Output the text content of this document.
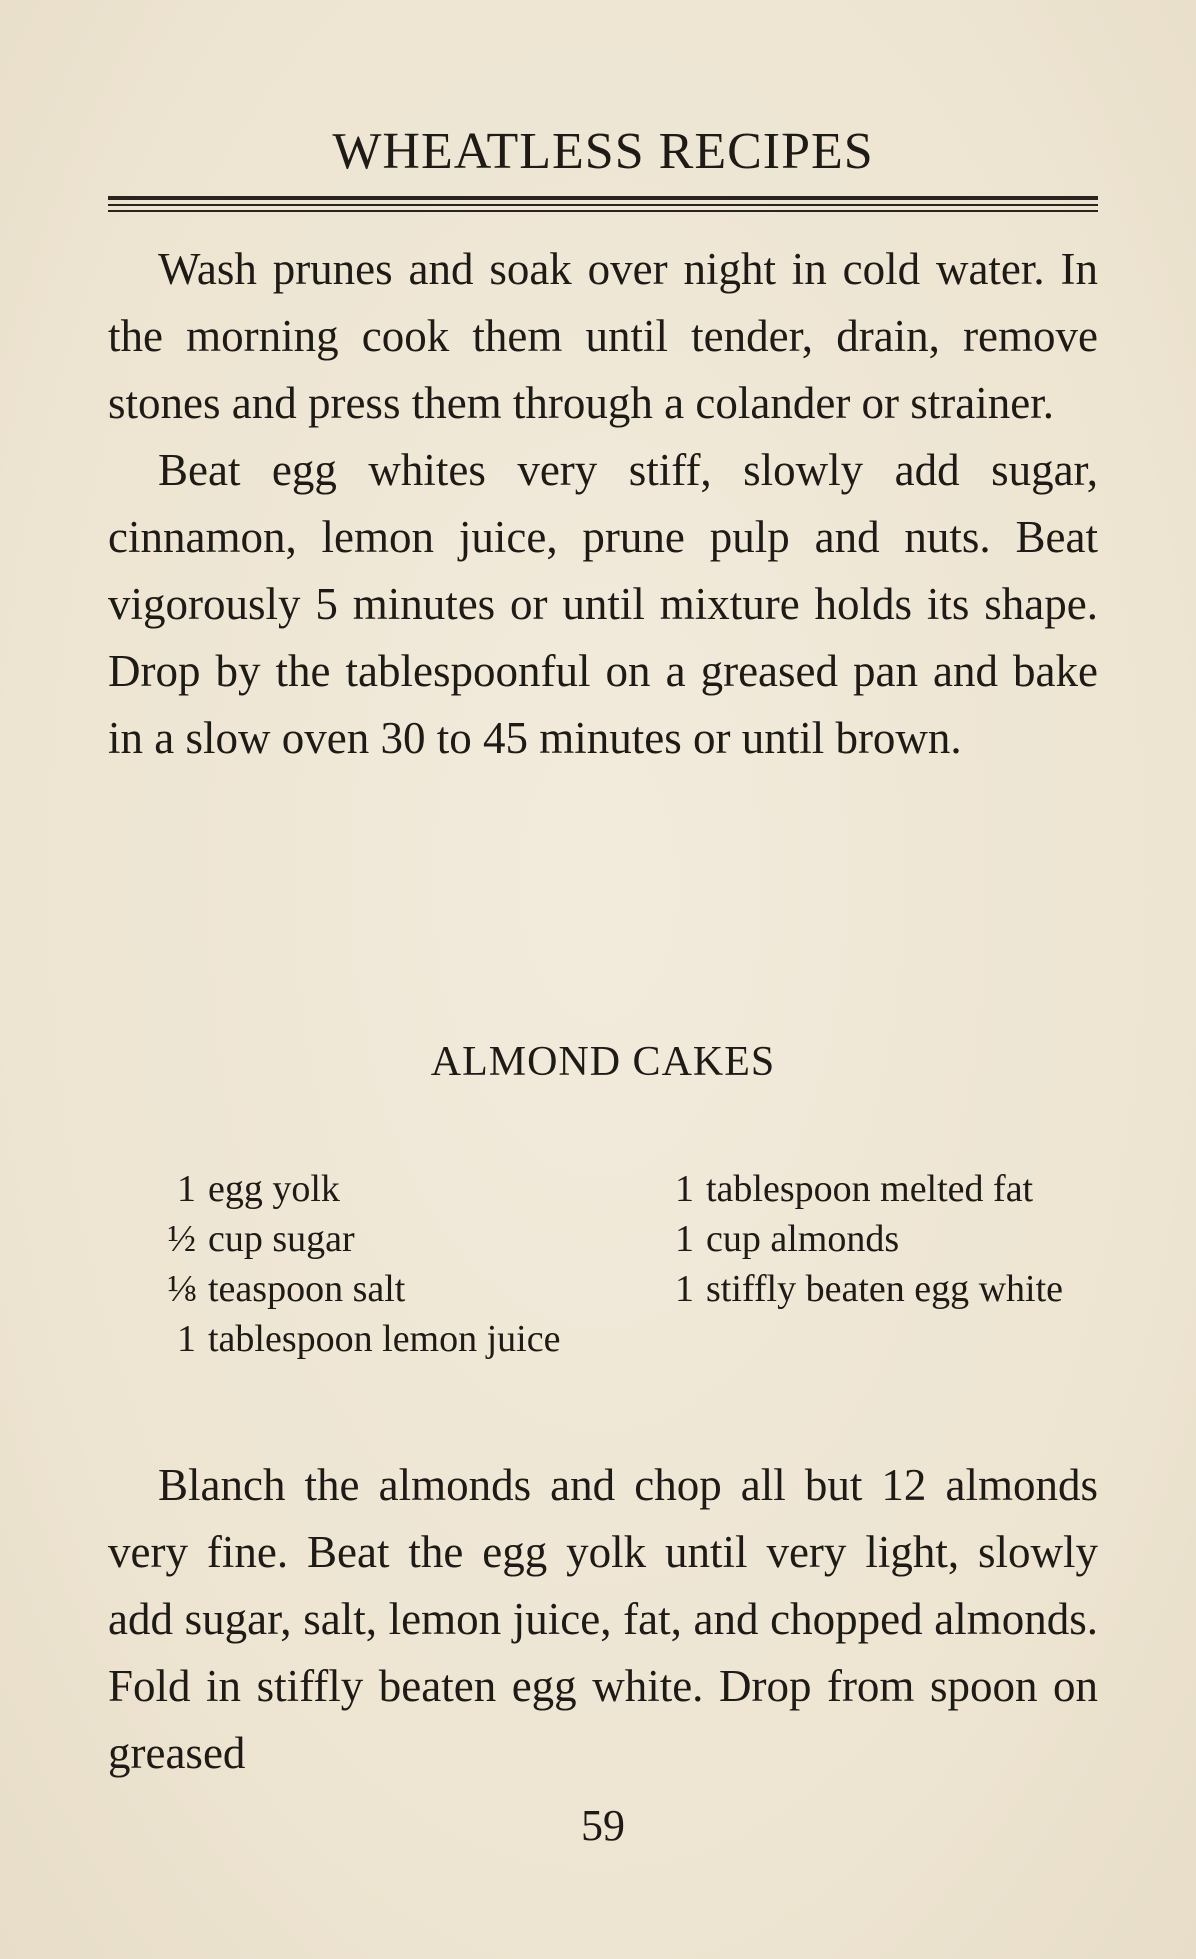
WHEATLESS RECIPES

Wash prunes and soak over night in cold water. In the morning cook them until tender, drain, remove stones and press them through a colander or strainer.

Beat egg whites very stiff, slowly add sugar, cinnamon, lemon juice, prune pulp and nuts. Beat vigorously 5 minutes or until mixture holds its shape. Drop by the tablespoonful on a greased pan and bake in a slow oven 30 to 45 minutes or until brown.

ALMOND CAKES
1 egg yolk
½ cup sugar
⅛ teaspoon salt
1 tablespoon lemon juice
1 tablespoon melted fat
1 cup almonds
1 stiffly beaten egg white

Blanch the almonds and chop all but 12 almonds very fine. Beat the egg yolk until very light, slowly add sugar, salt, lemon juice, fat, and chopped almonds. Fold in stiffly beaten egg white. Drop from spoon on greased

59
